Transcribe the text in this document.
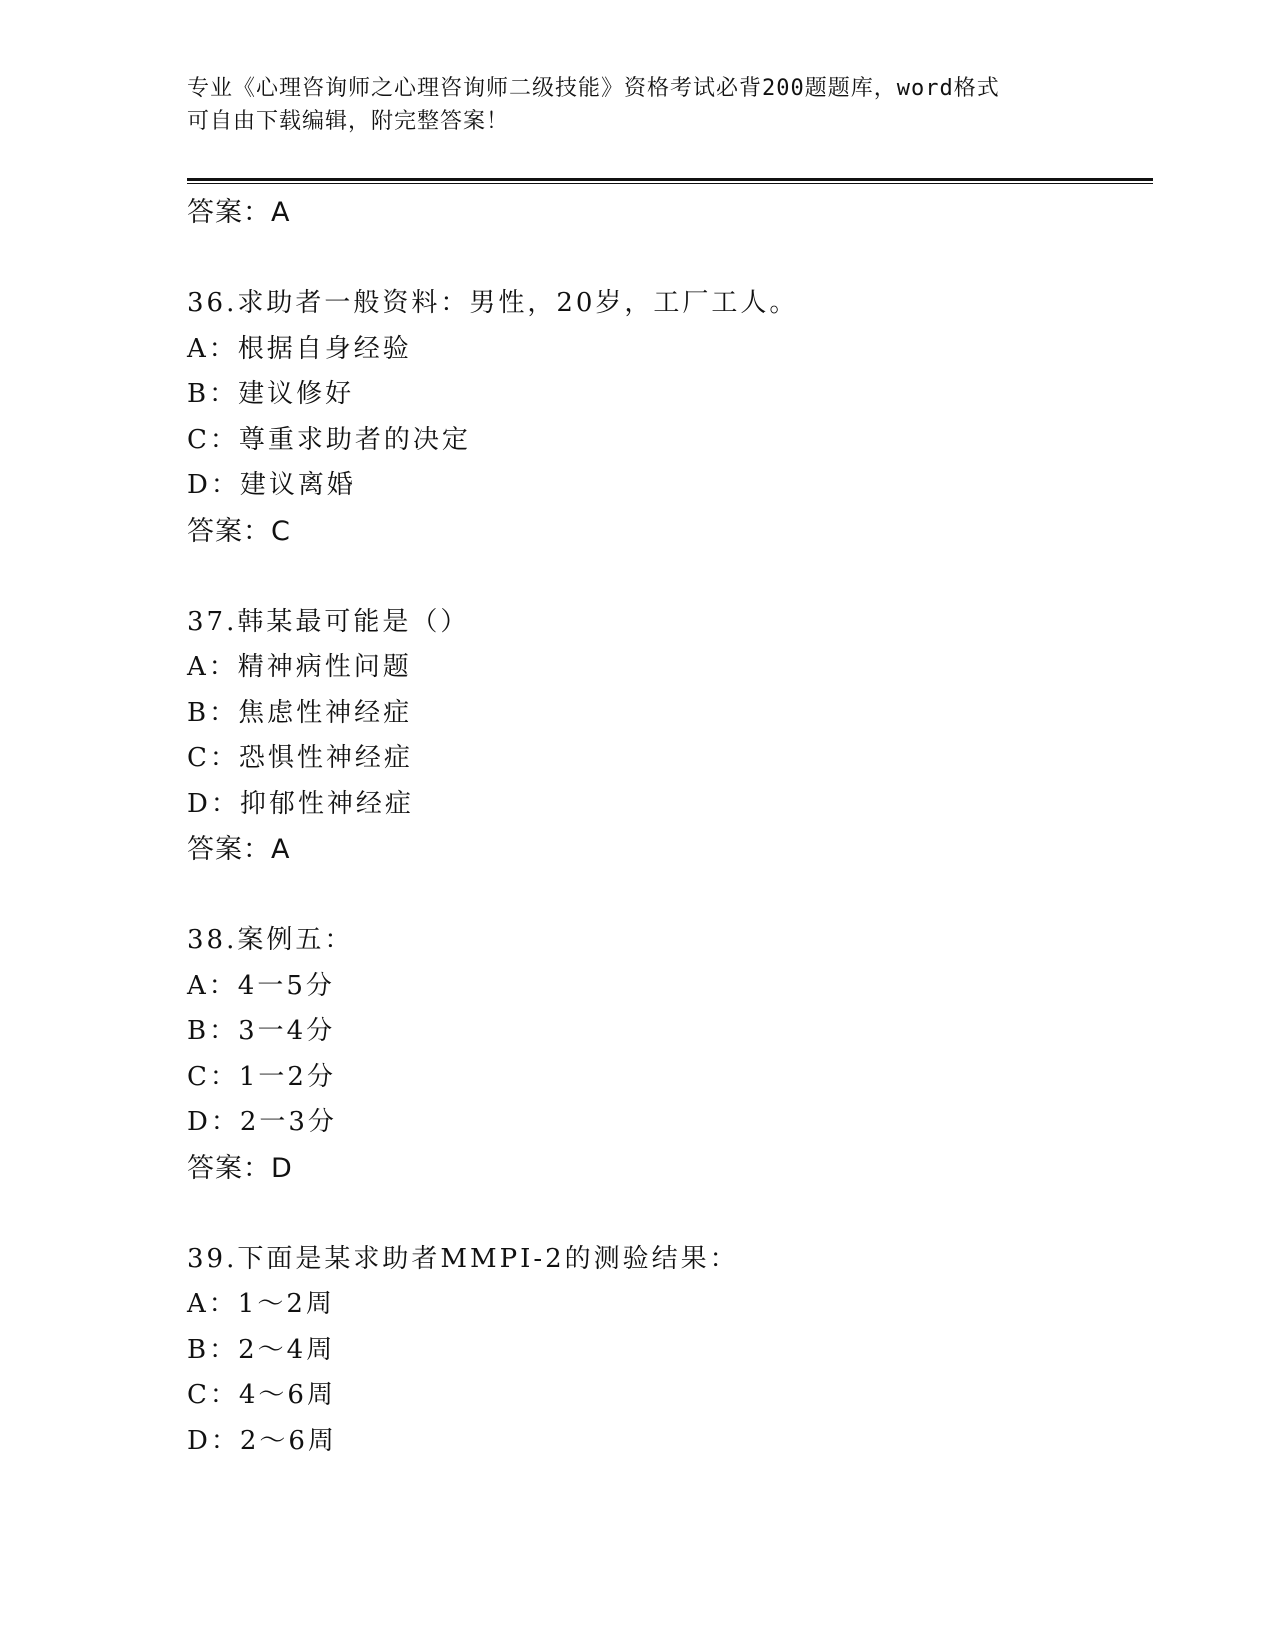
专业《心理咨询师之心理咨询师二级技能》资格考试必背200题题库，word格式
可自由下载编辑，附完整答案！
答案：A
36.求助者一般资料：男性，20岁，工厂工人。
A：根据自身经验
B：建议修好
C：尊重求助者的决定
D：建议离婚
答案：C
37.韩某最可能是（）
A：精神病性问题
B：焦虑性神经症
C：恐惧性神经症
D：抑郁性神经症
答案：A
38.案例五：
A：4一5分
B：3一4分
C：1一2分
D：2一3分
答案：D
39.下面是某求助者MMPI-2的测验结果：
A：1～2周
B：2～4周
C：4～6周
D：2～6周
